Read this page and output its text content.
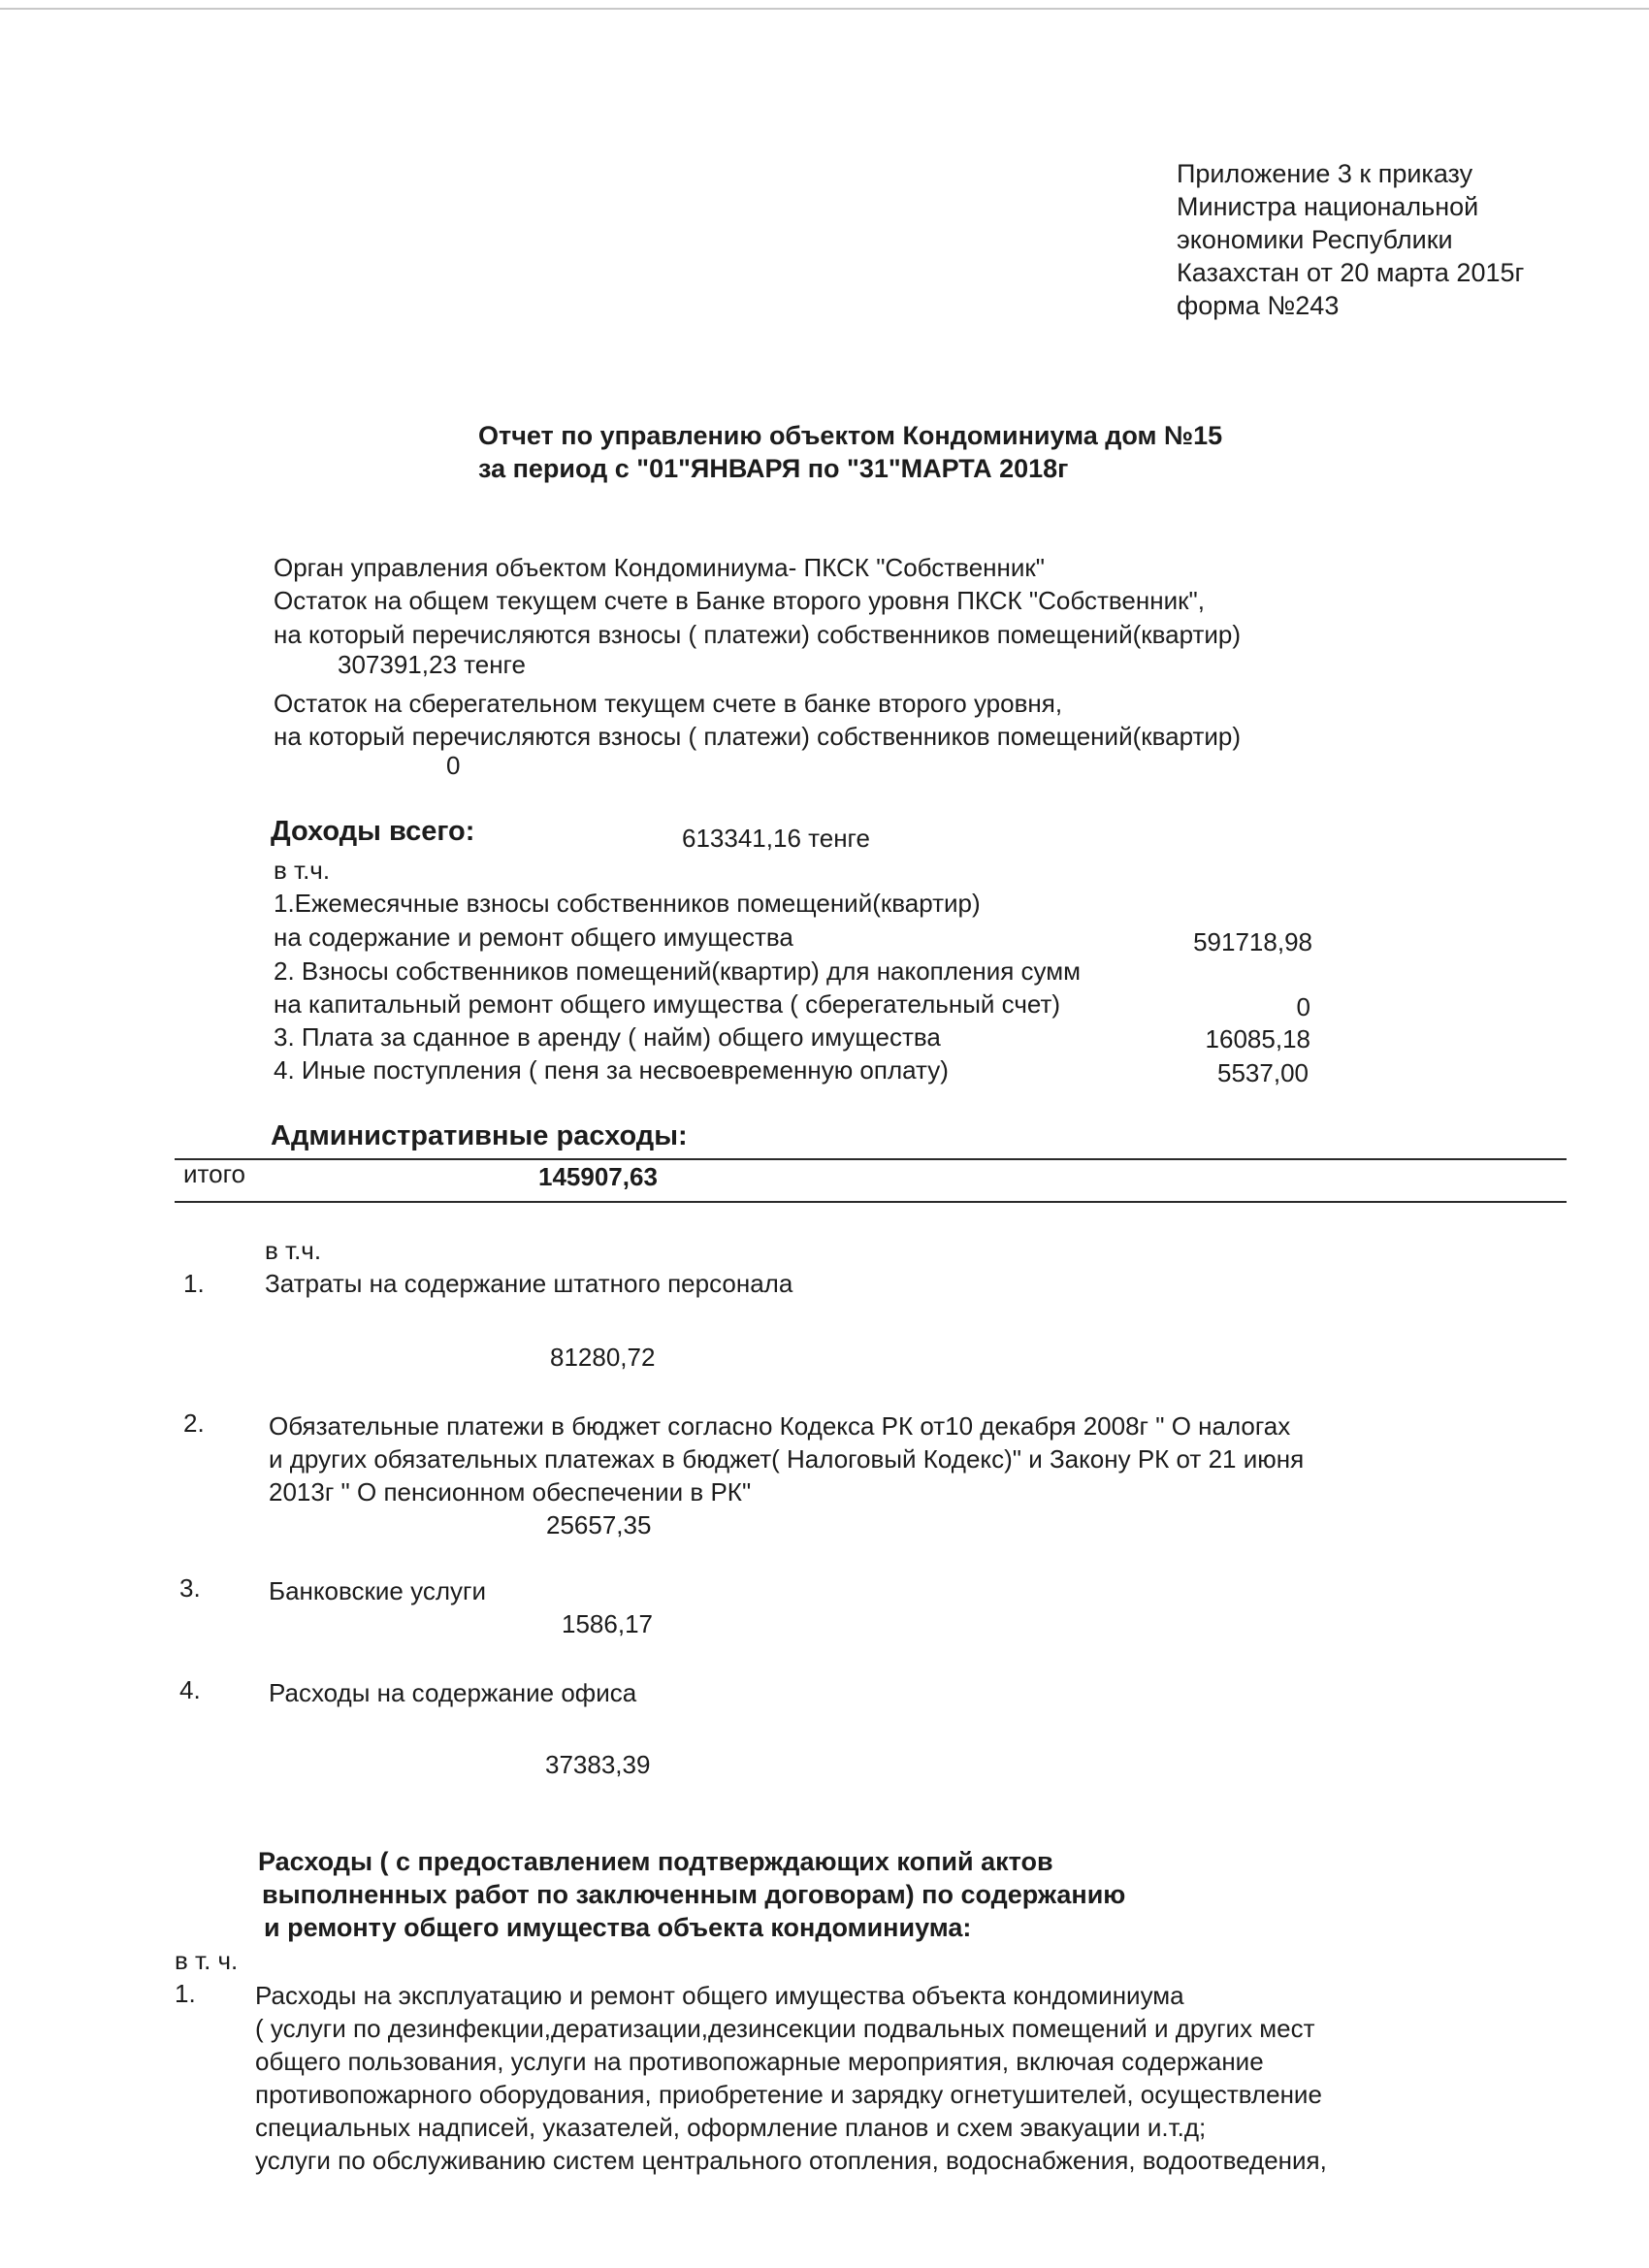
Приложение 3 к приказу
Министра национальной
экономики Республики
Казахстан от 20 марта 2015г
форма №243
Отчет по управлению объектом Кондоминиума дом №15
за период с "01"ЯНВАРЯ по "31"МАРТА 2018г
Орган управления объектом Кондоминиума- ПКСК "Собственник"
Остаток на общем текущем счете в Банке второго уровня ПКСК "Собственник",
на который перечисляются взносы ( платежи) собственников помещений(квартир)
307391,23 тенге
Остаток на сберегательном текущем счете в банке второго уровня,
на который перечисляются взносы ( платежи) собственников помещений(квартир)
0
Доходы всего:	613341,16 тенге
в т.ч.
1.Ежемесячные взносы собственников помещений(квартир)
на содержание и ремонт общего имущества	591718,98
2. Взносы собственников помещений(квартир) для накопления сумм
на капитальный ремонт общего имущества ( сберегательный счет)	0
3. Плата за сданное в аренду ( найм) общего имущества	16085,18
4. Иные поступления ( пеня за несвоевременную оплату)	5537,00
Административные расходы:
итого	145907,63
в т.ч.
1. Затраты на содержание штатного персонала
81280,72
2.	Обязательные платежи в бюджет согласно Кодекса РК от10 декабря 2008г " О налогах
и других обязательных платежах в бюджет( Налоговый Кодекс)" и Закону РК от 21 июня
2013г " О пенсионном обеспечении в РК"
25657,35
3.	Банковские услуги
1586,17
4.	Расходы на содержание офиса
37383,39
Расходы ( с предоставлением подтверждающих копий актов
выполненных работ по заключенным договорам) по содержанию
и ремонту общего имущества объекта кондоминиума:
в т. ч.
1. Расходы на эксплуатацию и ремонт общего имущества объекта кондоминиума
( услуги по дезинфекции,дератизации,дезинсекции подвальных помещений и других мест
общего пользования, услуги на противопожарные мероприятия, включая содержание
противопожарного оборудования, приобретение и зарядку огнетушителей, осуществление
специальных надписей, указателей, оформление планов и схем эвакуации и.т.д;
услуги по обслуживанию систем центрального отопления, водоснабжения, водоотведения,
